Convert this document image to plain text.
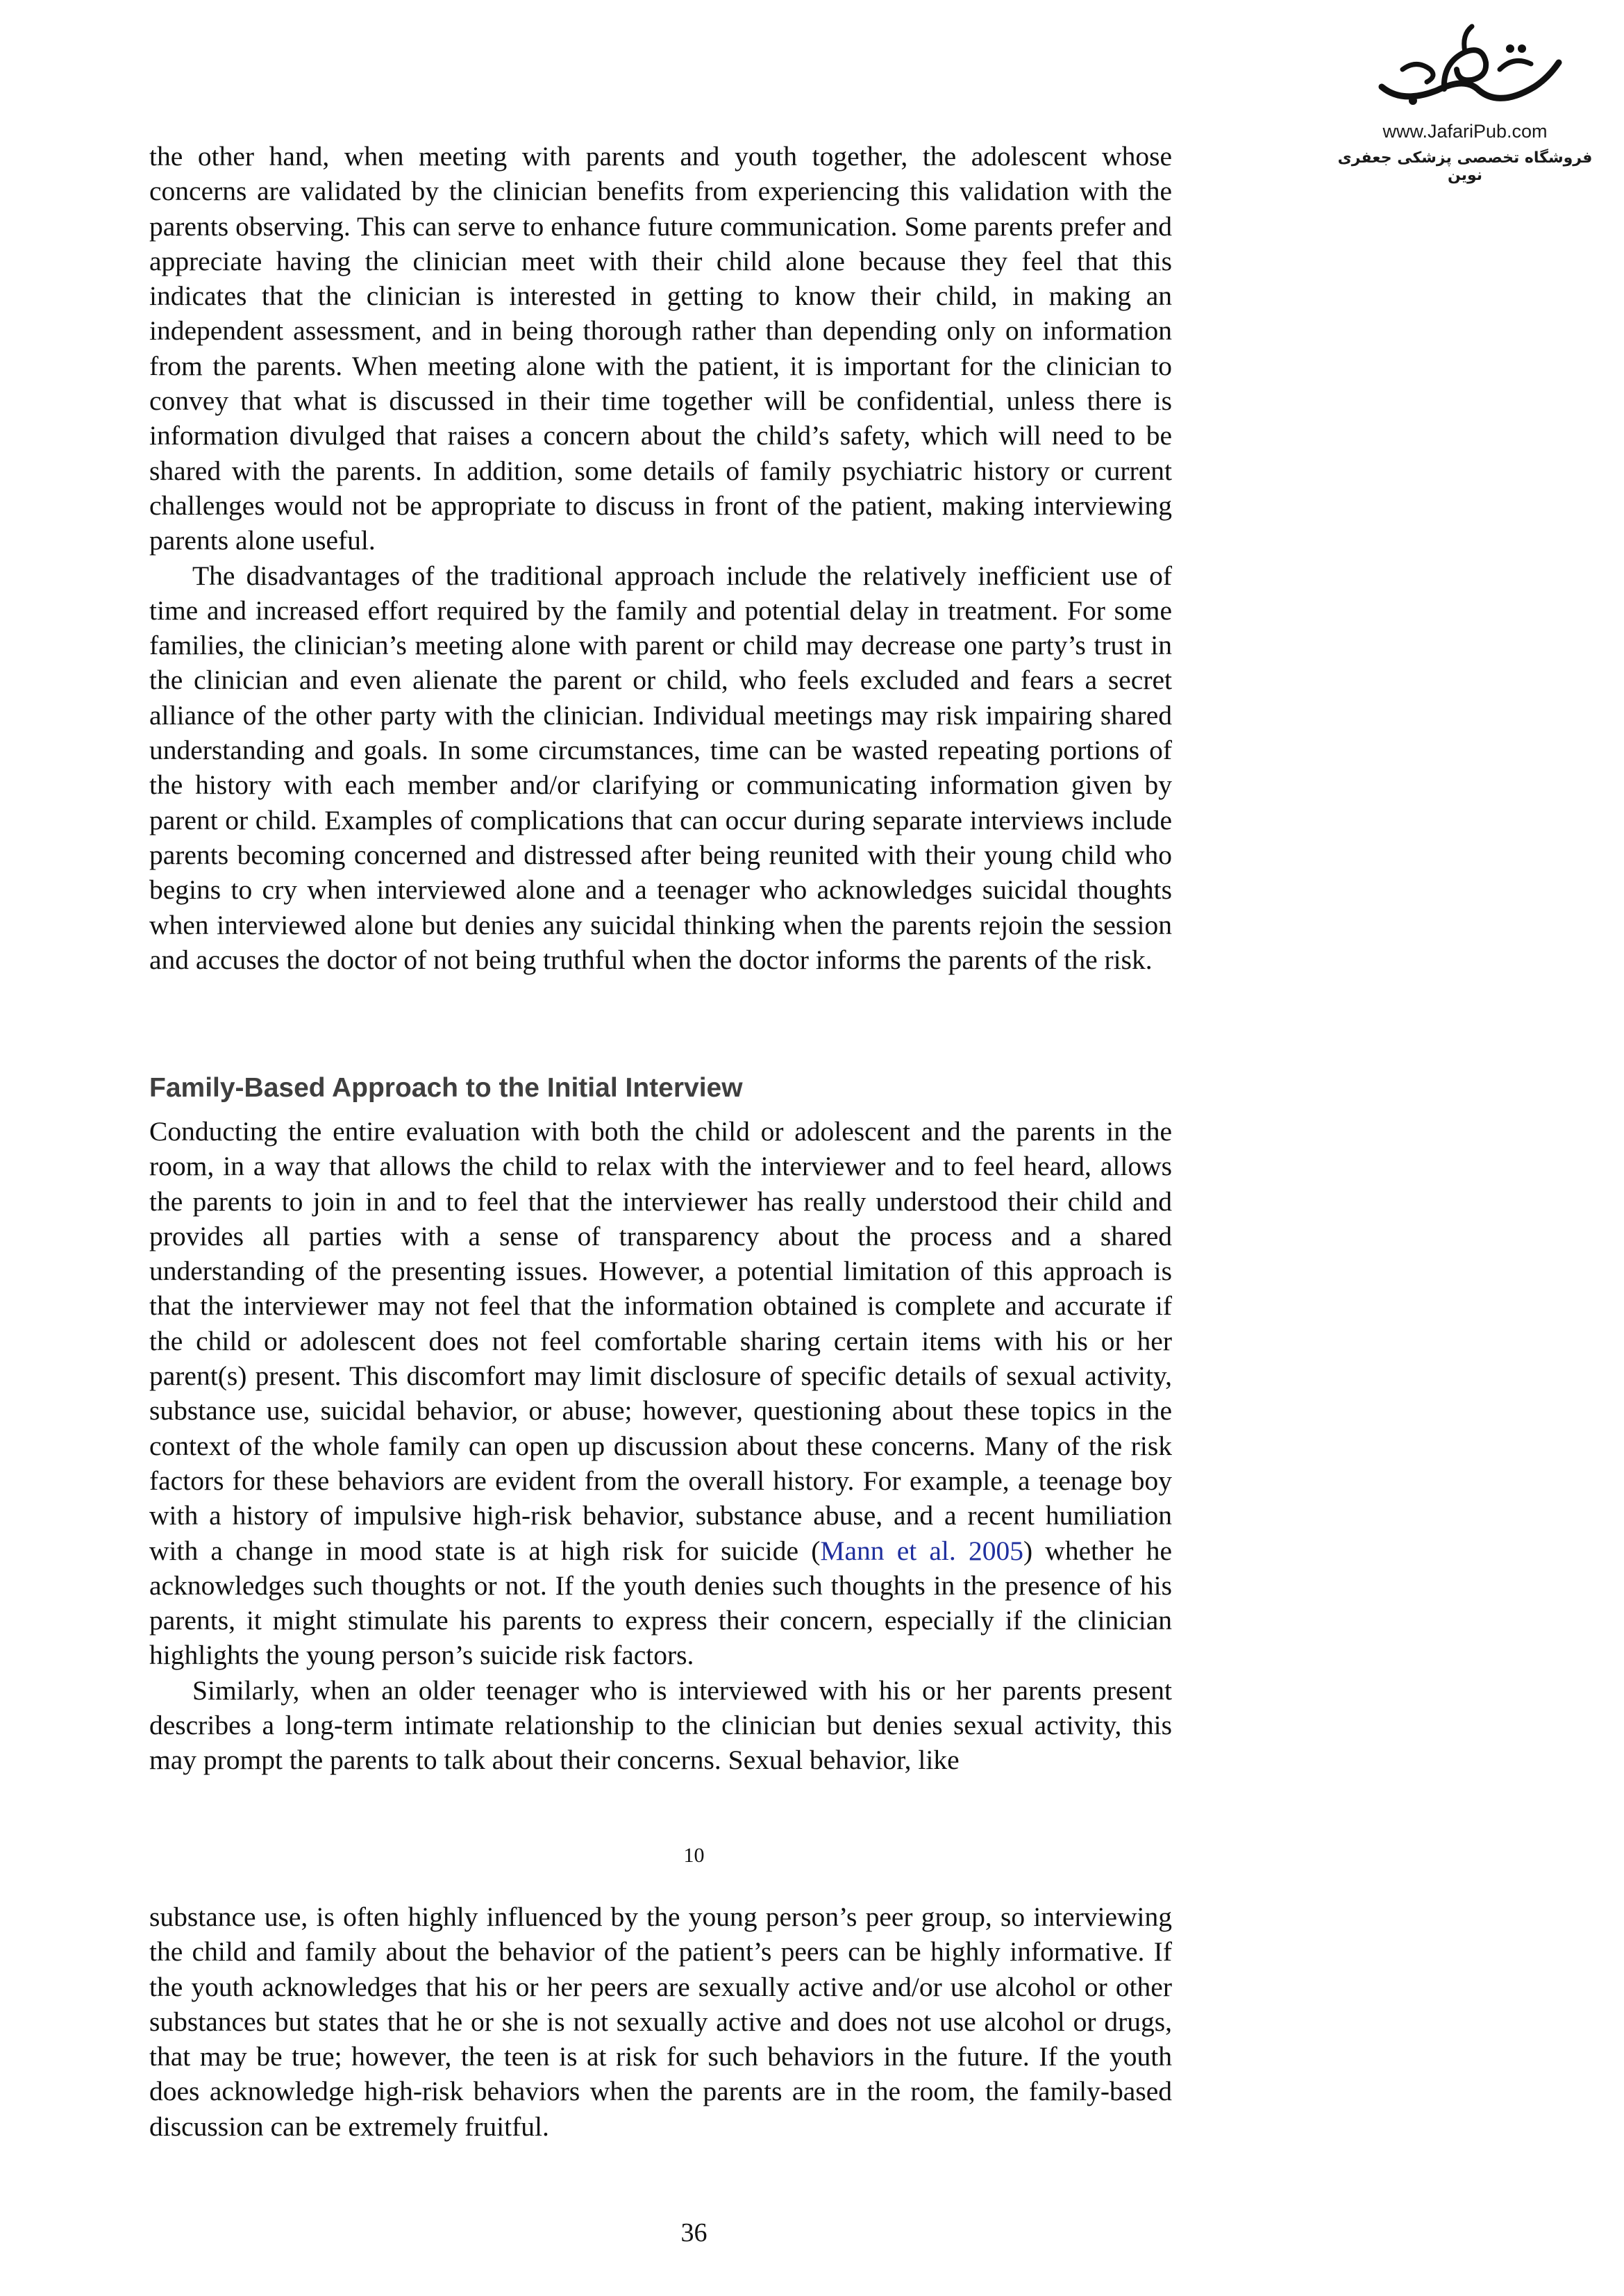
www.JafariPub.com
فروشگاه تخصصی پزشکی جعفری نوین

the other hand, when meeting with parents and youth together, the adolescent whose concerns are validated by the clinician benefits from experiencing this validation with the parents observing. This can serve to enhance future communication. Some parents prefer and appreciate having the clinician meet with their child alone because they feel that this indicates that the clinician is interested in getting to know their child, in making an independent assessment, and in being thorough rather than depending only on information from the parents. When meeting alone with the patient, it is important for the clinician to convey that what is discussed in their time together will be confidential, unless there is information divulged that raises a concern about the child’s safety, which will need to be shared with the parents. In addition, some details of family psychiatric history or current challenges would not be appropriate to discuss in front of the patient, making interviewing parents alone useful.

The disadvantages of the traditional approach include the relatively inefficient use of time and increased effort required by the family and potential delay in treatment. For some families, the clinician’s meeting alone with parent or child may decrease one party’s trust in the clinician and even alienate the parent or child, who feels excluded and fears a secret alliance of the other party with the clinician. Individual meetings may risk impairing shared understanding and goals. In some circumstances, time can be wasted repeating portions of the history with each member and/or clarifying or communicating information given by parent or child. Examples of complications that can occur during separate interviews include parents becoming concerned and distressed after being reunited with their young child who begins to cry when interviewed alone and a teenager who acknowledges suicidal thoughts when interviewed alone but denies any suicidal thinking when the parents rejoin the session and accuses the doctor of not being truthful when the doctor informs the parents of the risk.

Family-Based Approach to the Initial Interview

Conducting the entire evaluation with both the child or adolescent and the parents in the room, in a way that allows the child to relax with the interviewer and to feel heard, allows the parents to join in and to feel that the interviewer has really understood their child and provides all parties with a sense of transparency about the process and a shared understanding of the presenting issues. However, a potential limitation of this approach is that the interviewer may not feel that the information obtained is complete and accurate if the child or adolescent does not feel comfortable sharing certain items with his or her parent(s) present. This discomfort may limit disclosure of specific details of sexual activity, substance use, suicidal behavior, or abuse; however, questioning about these topics in the context of the whole family can open up discussion about these concerns. Many of the risk factors for these behaviors are evident from the overall history. For example, a teenage boy with a history of impulsive high-risk behavior, substance abuse, and a recent humiliation with a change in mood state is at high risk for suicide (Mann et al. 2005) whether he acknowledges such thoughts or not. If the youth denies such thoughts in the presence of his parents, it might stimulate his parents to express their concern, especially if the clinician highlights the young person’s suicide risk factors.

Similarly, when an older teenager who is interviewed with his or her parents present describes a long-term intimate relationship to the clinician but denies sexual activity, this may prompt the parents to talk about their concerns. Sexual behavior, like

10

substance use, is often highly influenced by the young person’s peer group, so interviewing the child and family about the behavior of the patient’s peers can be highly informative. If the youth acknowledges that his or her peers are sexually active and/or use alcohol or other substances but states that he or she is not sexually active and does not use alcohol or drugs, that may be true; however, the teen is at risk for such behaviors in the future. If the youth does acknowledge high-risk behaviors when the parents are in the room, the family-based discussion can be extremely fruitful.

36
